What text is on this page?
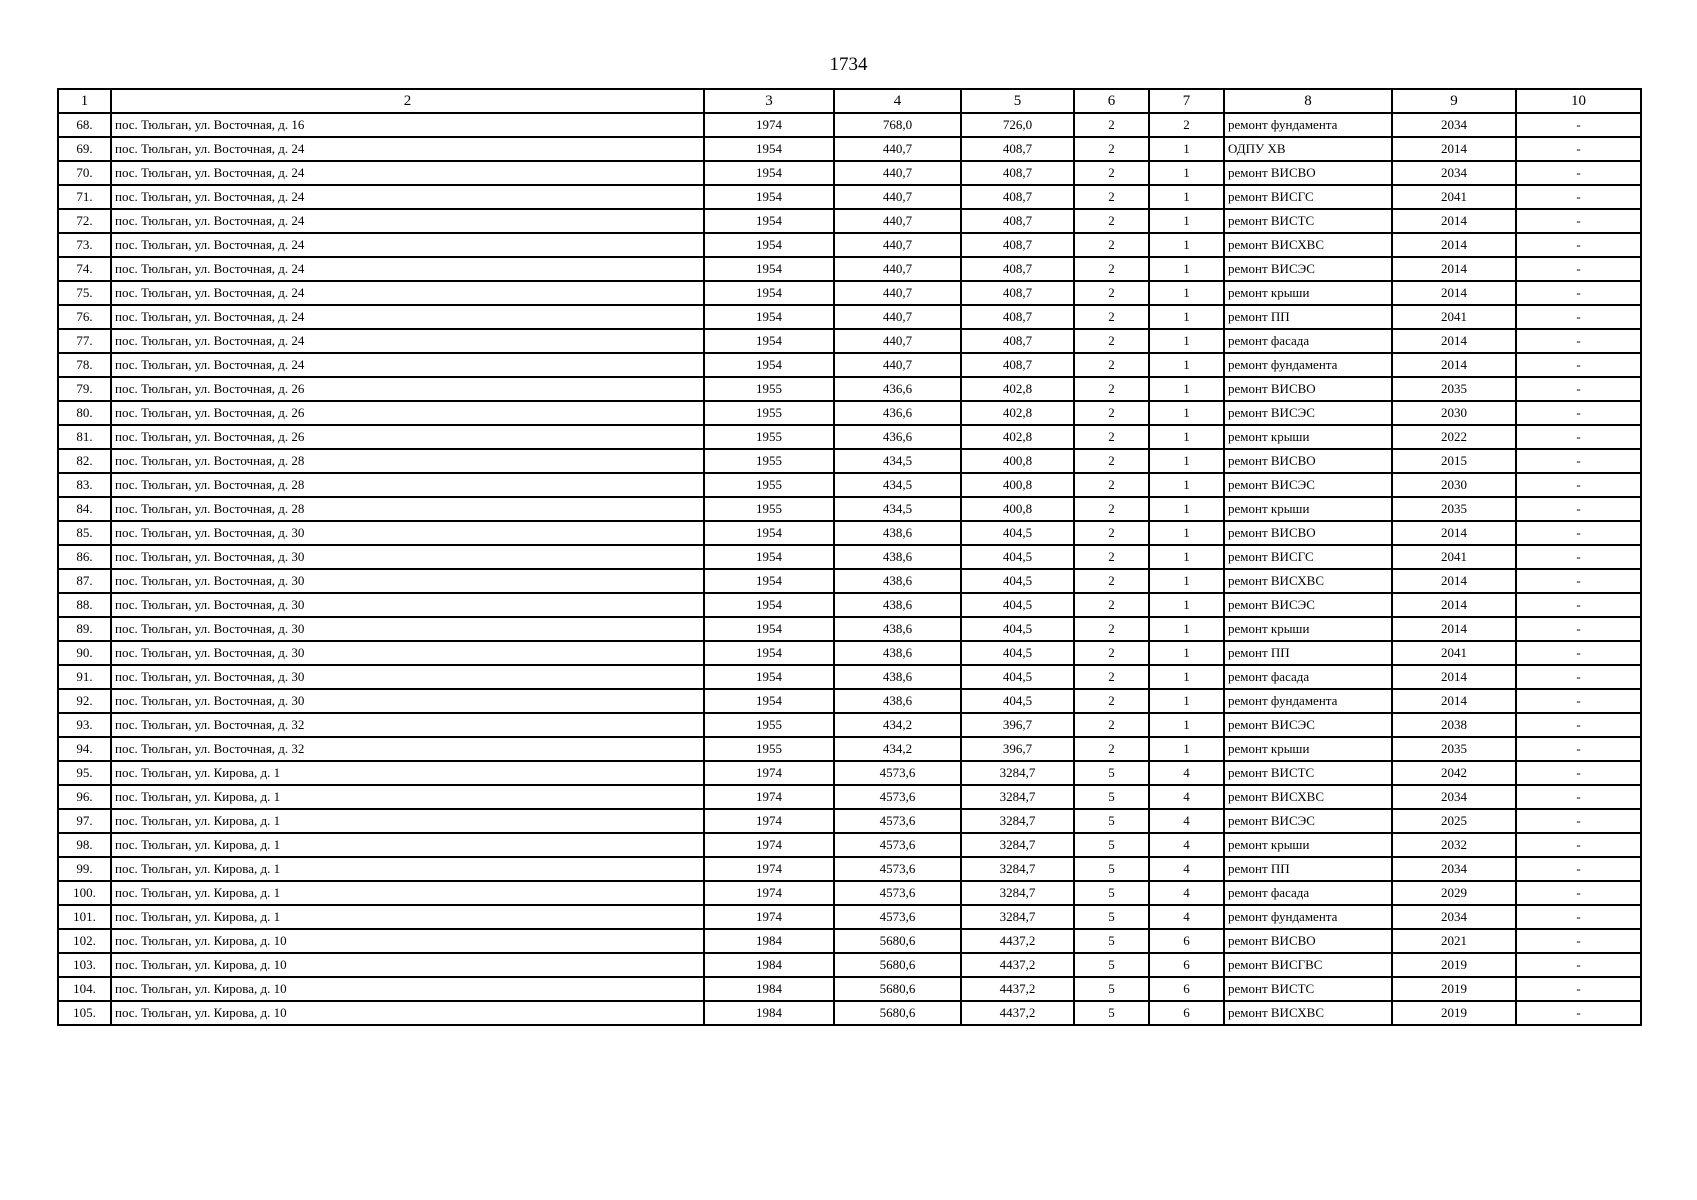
1734
1	2	3	4	5	6	7	8	9	10
68.	пос. Тюльган, ул. Восточная, д. 16	1974	768,0	726,0	2	2	ремонт фундамента	2034	-
69.	пос. Тюльган, ул. Восточная, д. 24	1954	440,7	408,7	2	1	ОДПУ ХВ	2014	-
70.	пос. Тюльган, ул. Восточная, д. 24	1954	440,7	408,7	2	1	ремонт ВИСВО	2034	-
71.	пос. Тюльган, ул. Восточная, д. 24	1954	440,7	408,7	2	1	ремонт ВИСГС	2041	-
72.	пос. Тюльган, ул. Восточная, д. 24	1954	440,7	408,7	2	1	ремонт ВИСТС	2014	-
73.	пос. Тюльган, ул. Восточная, д. 24	1954	440,7	408,7	2	1	ремонт ВИСХВС	2014	-
74.	пос. Тюльган, ул. Восточная, д. 24	1954	440,7	408,7	2	1	ремонт ВИСЭС	2014	-
75.	пос. Тюльган, ул. Восточная, д. 24	1954	440,7	408,7	2	1	ремонт крыши	2014	-
76.	пос. Тюльган, ул. Восточная, д. 24	1954	440,7	408,7	2	1	ремонт ПП	2041	-
77.	пос. Тюльган, ул. Восточная, д. 24	1954	440,7	408,7	2	1	ремонт фасада	2014	-
78.	пос. Тюльган, ул. Восточная, д. 24	1954	440,7	408,7	2	1	ремонт фундамента	2014	-
79.	пос. Тюльган, ул. Восточная, д. 26	1955	436,6	402,8	2	1	ремонт ВИСВО	2035	-
80.	пос. Тюльган, ул. Восточная, д. 26	1955	436,6	402,8	2	1	ремонт ВИСЭС	2030	-
81.	пос. Тюльган, ул. Восточная, д. 26	1955	436,6	402,8	2	1	ремонт крыши	2022	-
82.	пос. Тюльган, ул. Восточная, д. 28	1955	434,5	400,8	2	1	ремонт ВИСВО	2015	-
83.	пос. Тюльган, ул. Восточная, д. 28	1955	434,5	400,8	2	1	ремонт ВИСЭС	2030	-
84.	пос. Тюльган, ул. Восточная, д. 28	1955	434,5	400,8	2	1	ремонт крыши	2035	-
85.	пос. Тюльган, ул. Восточная, д. 30	1954	438,6	404,5	2	1	ремонт ВИСВО	2014	-
86.	пос. Тюльган, ул. Восточная, д. 30	1954	438,6	404,5	2	1	ремонт ВИСГС	2041	-
87.	пос. Тюльган, ул. Восточная, д. 30	1954	438,6	404,5	2	1	ремонт ВИСХВС	2014	-
88.	пос. Тюльган, ул. Восточная, д. 30	1954	438,6	404,5	2	1	ремонт ВИСЭС	2014	-
89.	пос. Тюльган, ул. Восточная, д. 30	1954	438,6	404,5	2	1	ремонт крыши	2014	-
90.	пос. Тюльган, ул. Восточная, д. 30	1954	438,6	404,5	2	1	ремонт ПП	2041	-
91.	пос. Тюльган, ул. Восточная, д. 30	1954	438,6	404,5	2	1	ремонт фасада	2014	-
92.	пос. Тюльган, ул. Восточная, д. 30	1954	438,6	404,5	2	1	ремонт фундамента	2014	-
93.	пос. Тюльган, ул. Восточная, д. 32	1955	434,2	396,7	2	1	ремонт ВИСЭС	2038	-
94.	пос. Тюльган, ул. Восточная, д. 32	1955	434,2	396,7	2	1	ремонт крыши	2035	-
95.	пос. Тюльган, ул. Кирова, д. 1	1974	4573,6	3284,7	5	4	ремонт ВИСТС	2042	-
96.	пос. Тюльган, ул. Кирова, д. 1	1974	4573,6	3284,7	5	4	ремонт ВИСХВС	2034	-
97.	пос. Тюльган, ул. Кирова, д. 1	1974	4573,6	3284,7	5	4	ремонт ВИСЭС	2025	-
98.	пос. Тюльган, ул. Кирова, д. 1	1974	4573,6	3284,7	5	4	ремонт крыши	2032	-
99.	пос. Тюльган, ул. Кирова, д. 1	1974	4573,6	3284,7	5	4	ремонт ПП	2034	-
100.	пос. Тюльган, ул. Кирова, д. 1	1974	4573,6	3284,7	5	4	ремонт фасада	2029	-
101.	пос. Тюльган, ул. Кирова, д. 1	1974	4573,6	3284,7	5	4	ремонт фундамента	2034	-
102.	пос. Тюльган, ул. Кирова, д. 10	1984	5680,6	4437,2	5	6	ремонт ВИСВО	2021	-
103.	пос. Тюльган, ул. Кирова, д. 10	1984	5680,6	4437,2	5	6	ремонт ВИСГВС	2019	-
104.	пос. Тюльган, ул. Кирова, д. 10	1984	5680,6	4437,2	5	6	ремонт ВИСТС	2019	-
105.	пос. Тюльган, ул. Кирова, д. 10	1984	5680,6	4437,2	5	6	ремонт ВИСХВС	2019	-
